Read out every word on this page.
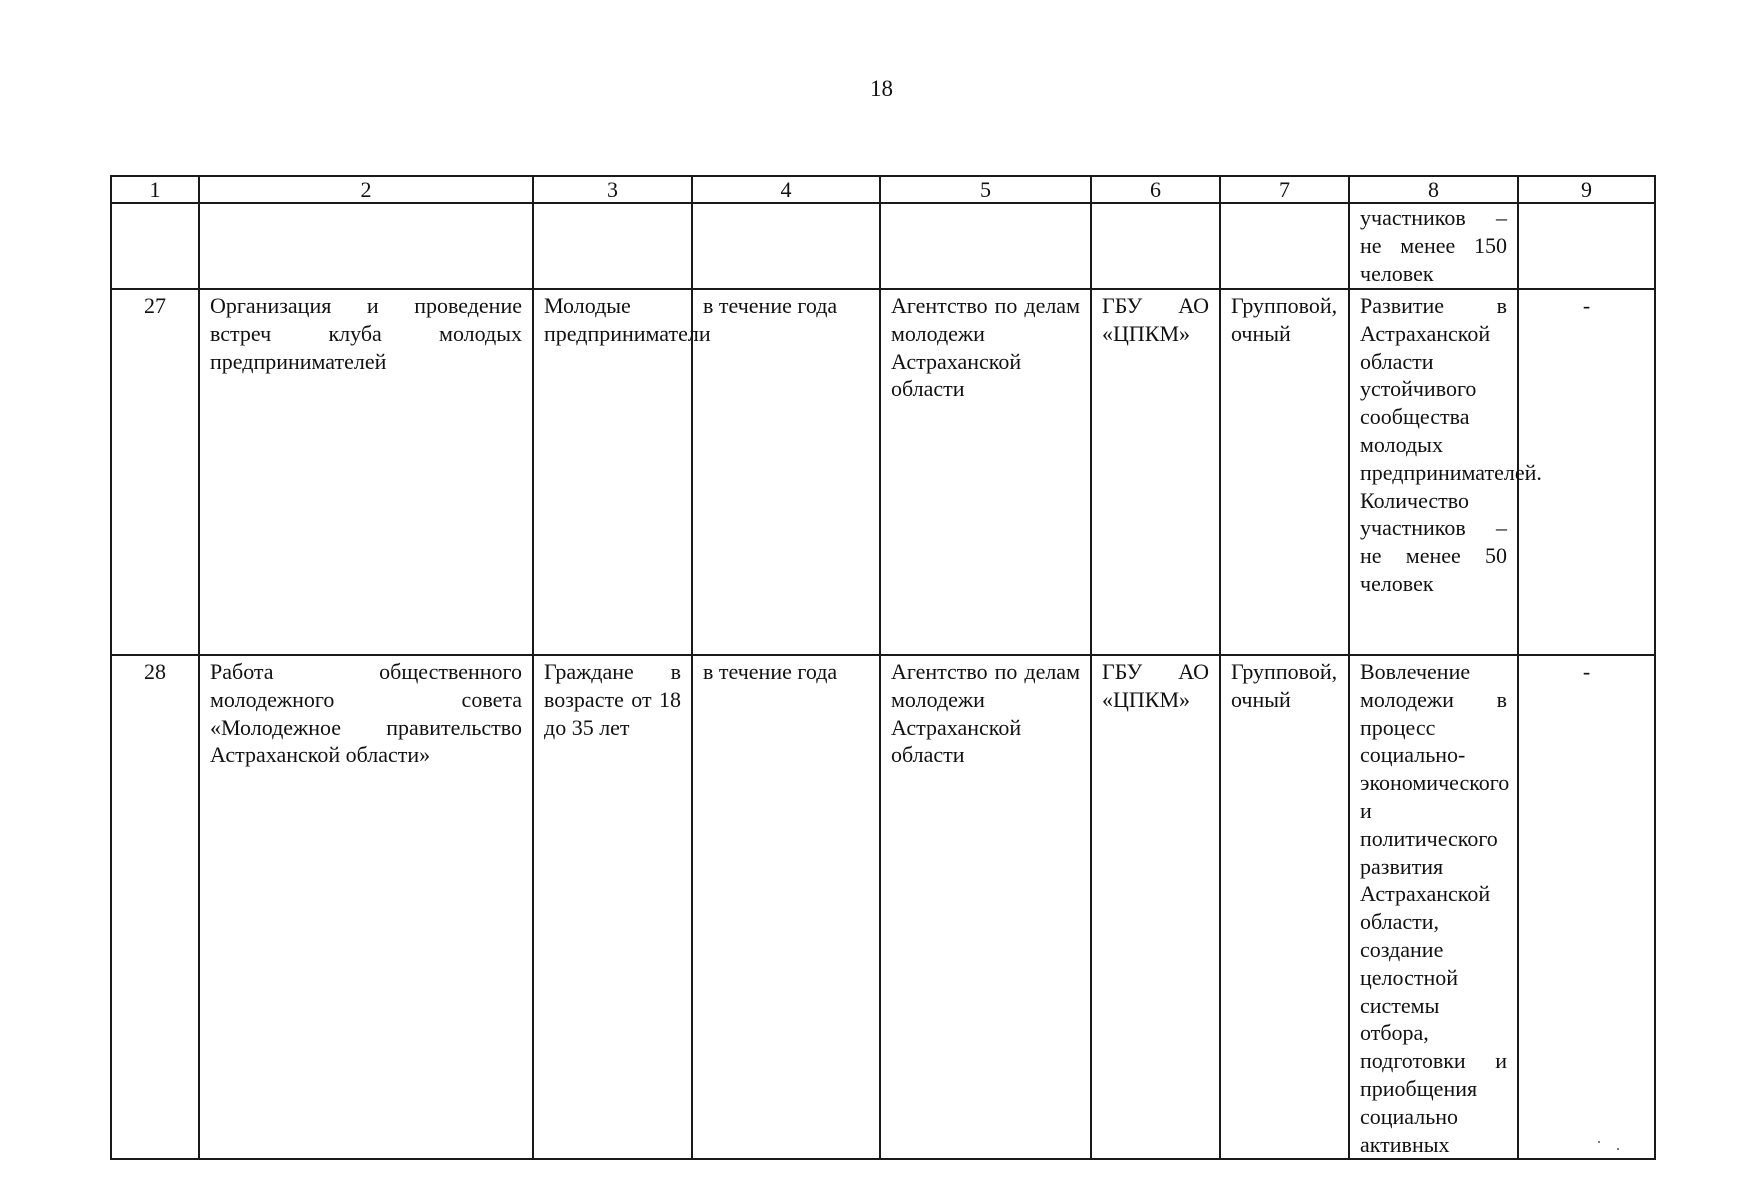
18
1	2	3	4	5	6	7	8	9
							участников – не менее 150 человек	
27	Организация и проведение встреч клуба молодых предпринимателей	Молодые предприниматели	в течение года	Агентство по делам молодежи Астраханской области	ГБУ АО «ЦПКМ»	Групповой, очный	Развитие в Астраханской области устойчивого сообщества молодых предпринимателей. Количество участников – не менее 50 человек	-
28	Работа общественного молодежного совета «Молодежное правительство Астраханской области»	Граждане в возрасте от 18 до 35 лет	в течение года	Агентство по делам молодежи Астраханской области	ГБУ АО «ЦПКМ»	Групповой, очный	Вовлечение молодежи в процесс социально-экономического и политического развития Астраханской области, создание целостной системы отбора, подготовки и приобщения социально активных	-
